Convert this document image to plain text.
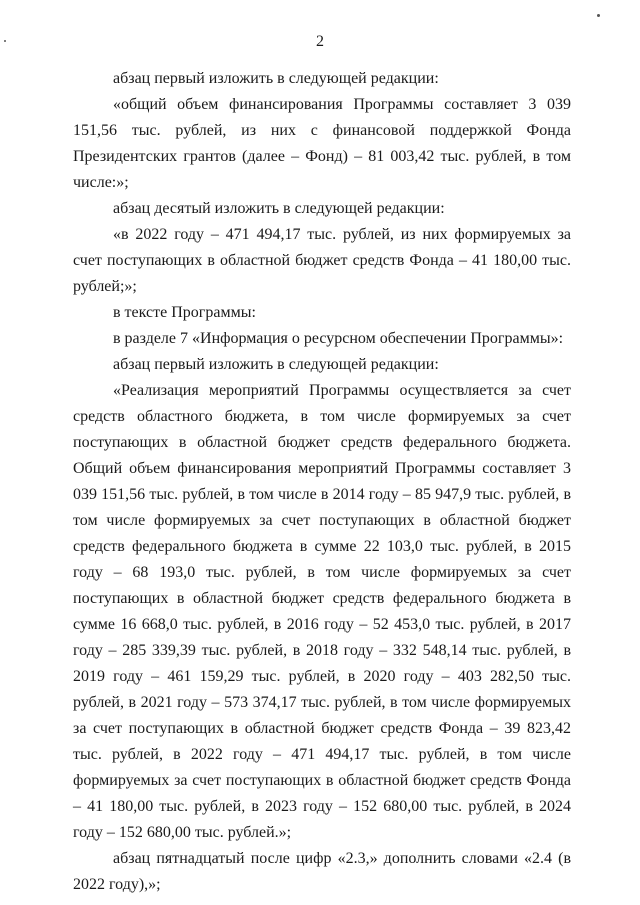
2

абзац первый изложить в следующей редакции:

«общий объем финансирования Программы составляет 3 039 151,56 тыс. рублей, из них с финансовой поддержкой Фонда Президентских грантов (далее – Фонд) – 81 003,42 тыс. рублей, в том числе:»;

абзац десятый изложить в следующей редакции:

«в 2022 году – 471 494,17 тыс. рублей, из них формируемых за счет поступающих в областной бюджет средств Фонда – 41 180,00 тыс. рублей;»;

в тексте Программы:

в разделе 7 «Информация о ресурсном обеспечении Программы»:

абзац первый изложить в следующей редакции:

«Реализация мероприятий Программы осуществляется за счет средств областного бюджета, в том числе формируемых за счет поступающих в областной бюджет средств федерального бюджета. Общий объем финансирования мероприятий Программы составляет 3 039 151,56 тыс. рублей, в том числе в 2014 году – 85 947,9 тыс. рублей, в том числе формируемых за счет поступающих в областной бюджет средств федерального бюджета в сумме 22 103,0 тыс. рублей, в 2015 году – 68 193,0 тыс. рублей, в том числе формируемых за счет поступающих в областной бюджет средств федерального бюджета в сумме 16 668,0 тыс. рублей, в 2016 году – 52 453,0 тыс. рублей, в 2017 году – 285 339,39 тыс. рублей, в 2018 году – 332 548,14 тыс. рублей, в 2019 году – 461 159,29 тыс. рублей, в 2020 году – 403 282,50 тыс. рублей, в 2021 году – 573 374,17 тыс. рублей, в том числе формируемых за счет поступающих в областной бюджет средств Фонда – 39 823,42 тыс. рублей, в 2022 году – 471 494,17 тыс. рублей, в том числе формируемых за счет поступающих в областной бюджет средств Фонда – 41 180,00 тыс. рублей, в 2023 году – 152 680,00 тыс. рублей, в 2024 году – 152 680,00 тыс. рублей.»;

абзац пятнадцатый после цифр «2.3,» дополнить словами «2.4 (в 2022 году),»;
